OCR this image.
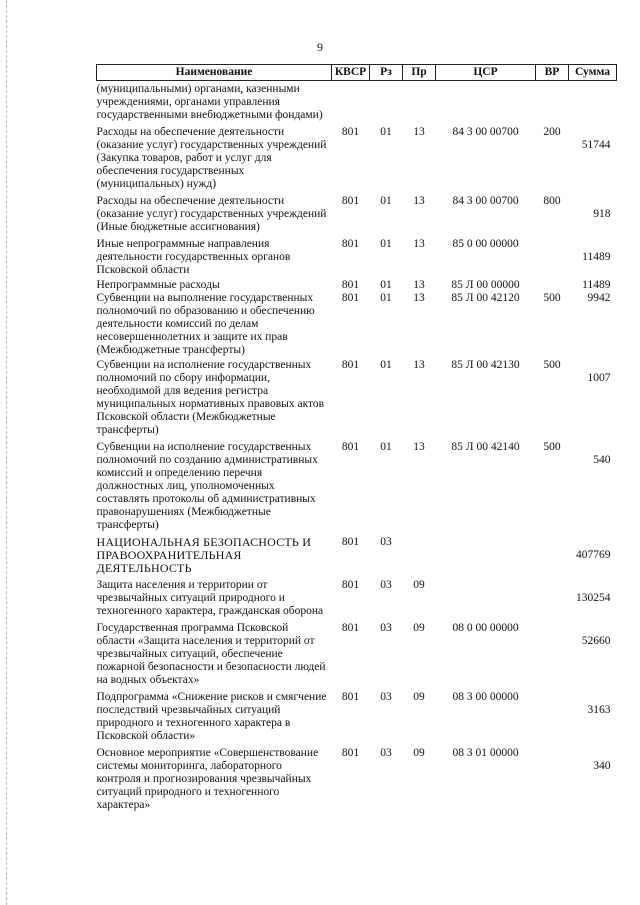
9
Наименование	КВСР	Рз	Пр	ЦСР	ВР	Сумма
(муниципальными) органами, казенными учреждениями, органами управления государственными внебюджетными фондами)						
Расходы на обеспечение деятельности (оказание услуг) государственных учреждений (Закупка товаров, работ и услуг для обеспечения государственных (муниципальных) нужд)	801	01	13	84 3 00 00700	200	51744
Расходы на обеспечение деятельности (оказание услуг) государственных учреждений (Иные бюджетные ассигнования)	801	01	13	84 3 00 00700	800	918
Иные непрограммные направления деятельности государственных органов Псковской области	801	01	13	85 0 00 00000		11489
Непрограммные расходы	801	01	13	85 Л 00 00000		11489
Субвенции на выполнение государственных полномочий по образованию и обеспечению деятельности комиссий по делам несовершеннолетних и защите их прав (Межбюджетные трансферты)	801	01	13	85 Л 00 42120	500	9942
Субвенции на исполнение государственных полномочий по сбору информации, необходимой для ведения регистра муниципальных нормативных правовых актов Псковской области (Межбюджетные трансферты)	801	01	13	85 Л 00 42130	500	1007
Субвенции на исполнение государственных полномочий по созданию административных комиссий и определению перечня должностных лиц, уполномоченных составлять протоколы об административных правонарушениях (Межбюджетные трансферты)	801	01	13	85 Л 00 42140	500	540
НАЦИОНАЛЬНАЯ БЕЗОПАСНОСТЬ И ПРАВООХРАНИТЕЛЬНАЯ ДЕЯТЕЛЬНОСТЬ	801	03				407769
Защита населения и территории от чрезвычайных ситуаций природного и техногенного характера, гражданская оборона	801	03	09			130254
Государственная программа Псковской области «Защита населения и территорий от чрезвычайных ситуаций, обеспечение пожарной безопасности и безопасности людей на водных объектах»	801	03	09	08 0 00 00000		52660
Подпрограмма «Снижение рисков и смягчение последствий чрезвычайных ситуаций природного и техногенного характера в Псковской области»	801	03	09	08 3 00 00000		3163
Основное мероприятие «Совершенствование системы мониторинга, лабораторного контроля и прогнозирования чрезвычайных ситуаций природного и техногенного характера»	801	03	09	08 3 01 00000		340
